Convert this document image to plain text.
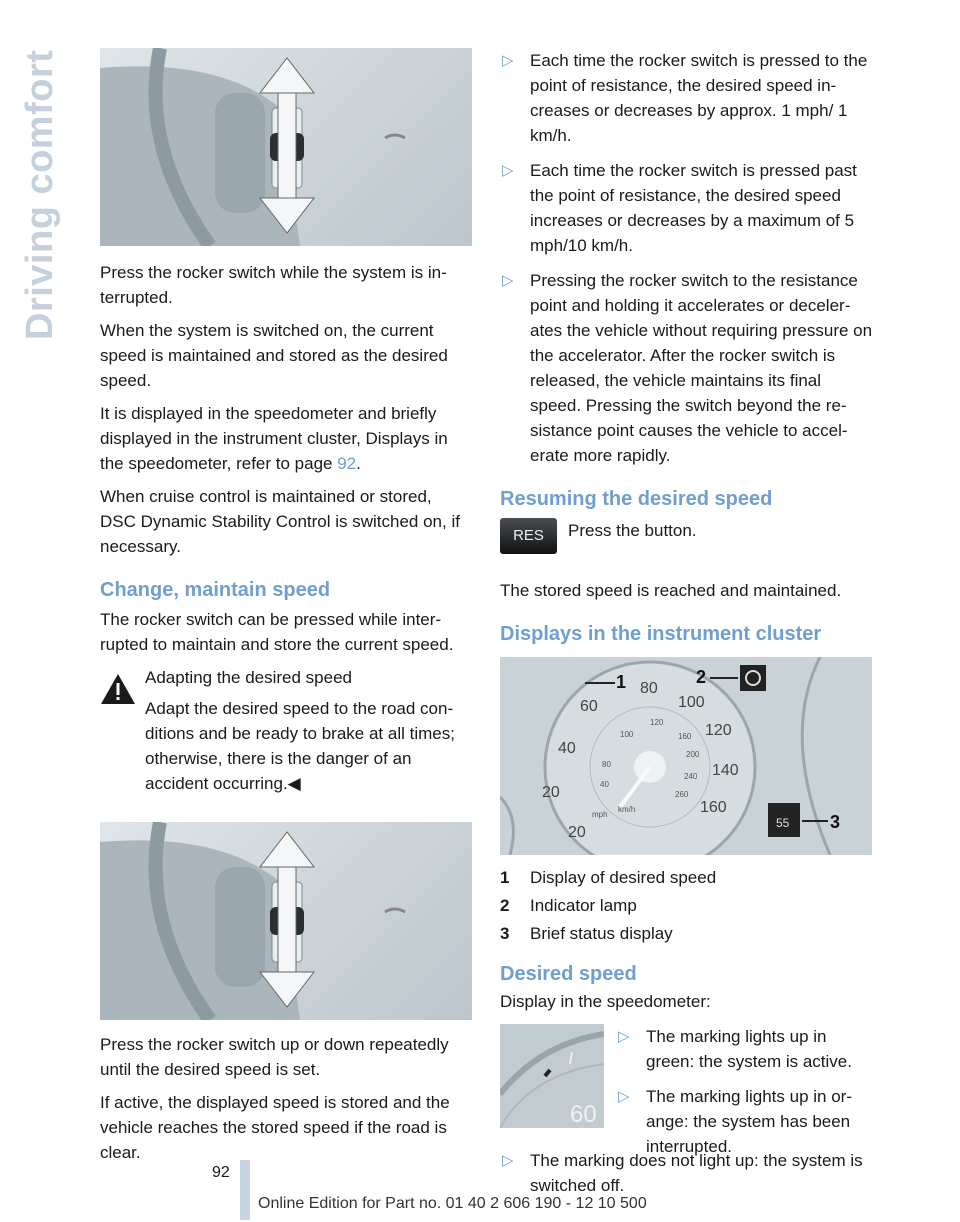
Driving comfort Press the rocker switch while the system is interrupted.

When the system is switched on, the current speed is maintained and stored as the desired speed.

It is displayed in the speedometer and briefly displayed in the instrument cluster, Displays in the speedometer, refer to page 92.

When cruise control is maintained or stored, DSC Dynamic Stability Control is switched on, if necessary.

Change, maintain speed

The rocker switch can be pressed while interrupted to maintain and store the current speed.

Adapting the desired speed

Adapt the desired speed to the road conditions and be ready to brake at all times; otherwise, there is the danger of an accident occurring.◀

Press the rocker switch up or down repeatedly until the desired speed is set.

If active, the displayed speed is stored and the vehicle reaches the stored speed if the road is clear.

▷ Each time the rocker switch is pressed to the point of resistance, the desired speed increases or decreases by approx. 1 mph/ 1 km/h.
▷ Each time the rocker switch is pressed past the point of resistance, the desired speed increases or decreases by a maximum of 5 mph/10 km/h.
▷ Pressing the rocker switch to the resistance point and holding it accelerates or decelerates the vehicle without requiring pressure on the accelerator. After the rocker switch is released, the vehicle maintains its final speed. Pressing the switch beyond the resistance point causes the vehicle to accelerate more rapidly.
Resuming the desired speed
RES	Press the button.

The stored speed is reached and maintained.

Displays in the instrument cluster
20
20
40
60
80
100
120
140
160
40
80
100
120
160
200
240
260
km/h
mph
1	2
55 3
1 Display of desired speed
2 Indicator lamp
3 Brief status display
Desired speed

Display in the speedometer:

60
▷ The marking lights up in green: the system is active.
▷ The marking lights up in orange: the system has been interrupted.
▷ The marking does not light up: the system is switched off.
92
Online Edition for Part no. 01 40 2 606 190 - 12 10 500
